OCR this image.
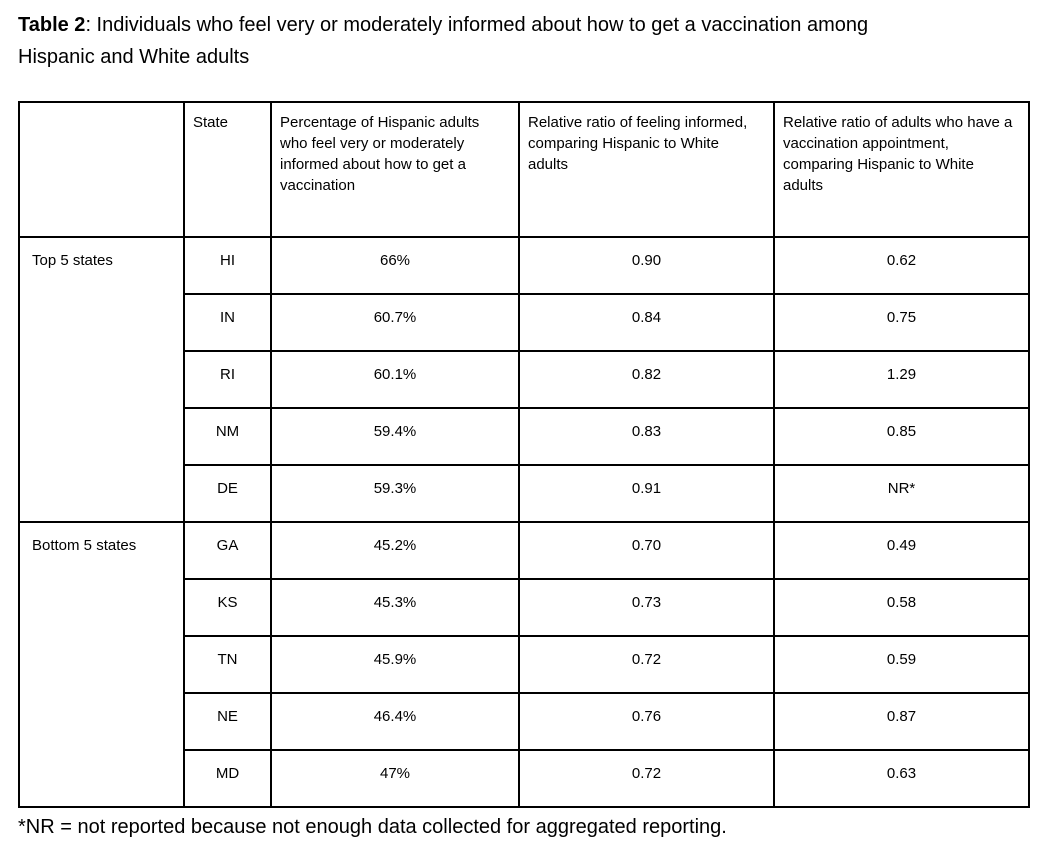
Table 2: Individuals who feel very or moderately informed about how to get a vaccination among Hispanic and White adults

	State	Percentage of Hispanic adults who feel very or moderately informed about how to get a vaccination	Relative ratio of feeling informed, comparing Hispanic to White adults	Relative ratio of adults who have a vaccination appointment, comparing Hispanic to White adults
Top 5 states	HI	66%	0.90	0.62
	IN	60.7%	0.84	0.75
	RI	60.1%	0.82	1.29
	NM	59.4%	0.83	0.85
	DE	59.3%	0.91	NR*
Bottom 5 states	GA	45.2%	0.70	0.49
	KS	45.3%	0.73	0.58
	TN	45.9%	0.72	0.59
	NE	46.4%	0.76	0.87
	MD	47%	0.72	0.63

*NR = not reported because not enough data collected for aggregated reporting.
